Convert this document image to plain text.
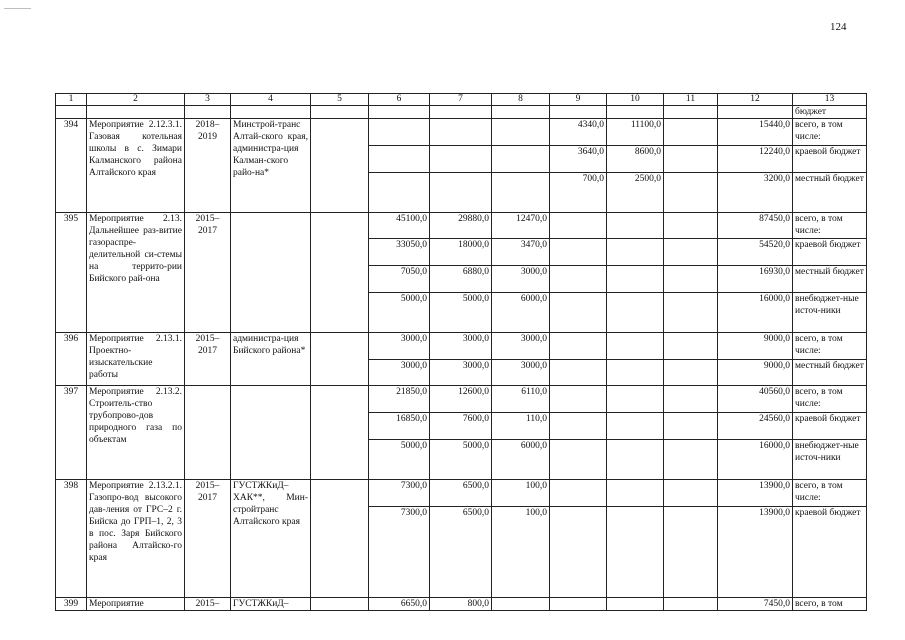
______
124
1	2	3	4	5	6	7	8	9	10	11	12	13
												бюджет
394	Мероприятие 2.12.3.1. Газовая котельная школы в с. Зимари Калманского района Алтайского края	2018–2019	Минстрой-транс Алтай-ского края, администра-ция Калман-ского райо-на*					4340,0	11100,0		15440,0	всего, в том числе:
								3640,0	8600,0		12240,0	краевой бюджет
								700,0	2500,0		3200,0	местный бюджет
395	Мероприятие 2.13. Дальнейшее раз-витие газораспре-делительной си-стемы на террито-рии Бийского рай-она	2015–2017			45100,0	29880,0	12470,0				87450,0	всего, в том числе:
					33050,0	18000,0	3470,0				54520,0	краевой бюджет
					7050,0	6880,0	3000,0				16930,0	местный бюджет
					5000,0	5000,0	6000,0				16000,0	внебюджет-ные источ-ники
396	Мероприятие 2.13.1. Проектно-изыскательские работы	2015–2017	администра-ция Бийского района*		3000,0	3000,0	3000,0				9000,0	всего, в том числе:
					3000,0	3000,0	3000,0				9000,0	местный бюджет
397	Мероприятие 2.13.2. Строитель-ство трубопрово-дов природного газа по объектам				21850,0	12600,0	6110,0				40560,0	всего, в том числе:
					16850,0	7600,0	110,0				24560,0	краевой бюджет
					5000,0	5000,0	6000,0				16000,0	внебюджет-ные источ-ники
398	Мероприятие 2.13.2.1. Газопро-вод высокого дав-ления от ГРС–2 г. Бийска до ГРП–1, 2, 3 в пос. Заря Бийского района Алтайско-го края	2015–2017	ГУСТЖКиД–ХАК**, Мин-стройтранс Алтайского края		7300,0	6500,0	100,0				13900,0	всего, в том числе:
					7300,0	6500,0	100,0				13900,0	краевой бюджет
399	Мероприятие	2015–	ГУСТЖКиД–		6650,0	800,0					7450,0	всего, в том
